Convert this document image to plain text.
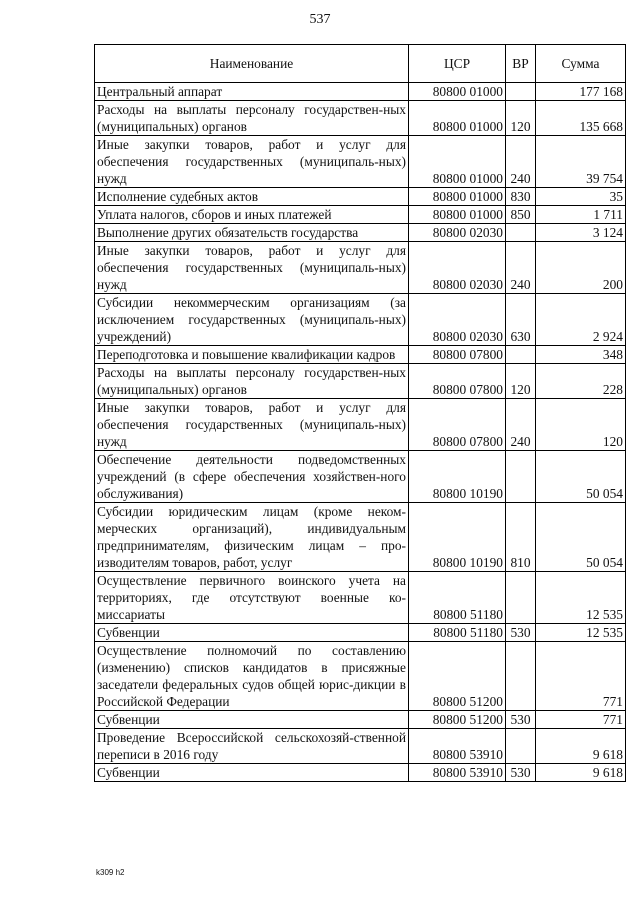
537
Наименование	ЦСР	ВР	Сумма
Центральный аппарат	80800 01000		177 168
Расходы на выплаты персоналу государствен-ных (муниципальных) органов	80800 01000	120	135 668
Иные закупки товаров, работ и услуг для обеспечения государственных (муниципаль-ных) нужд	80800 01000	240	39 754
Исполнение судебных актов	80800 01000	830	35
Уплата налогов, сборов и иных платежей	80800 01000	850	1 711
Выполнение других обязательств государства	80800 02030		3 124
Иные закупки товаров, работ и услуг для обеспечения государственных (муниципаль-ных) нужд	80800 02030	240	200
Субсидии некоммерческим организациям (за исключением государственных (муниципаль-ных) учреждений)	80800 02030	630	2 924
Переподготовка и повышение квалификации кадров	80800 07800		348
Расходы на выплаты персоналу государствен-ных (муниципальных) органов	80800 07800	120	228
Иные закупки товаров, работ и услуг для обеспечения государственных (муниципаль-ных) нужд	80800 07800	240	120
Обеспечение деятельности подведомственных учреждений (в сфере обеспечения хозяйствен-ного обслуживания)	80800 10190		50 054
Субсидии юридическим лицам (кроме неком-мерческих организаций), индивидуальным предпринимателям, физическим лицам – про-изводителям товаров, работ, услуг	80800 10190	810	50 054
Осуществление первичного воинского учета на территориях, где отсутствуют военные ко-миссариаты	80800 51180		12 535
Субвенции	80800 51180	530	12 535
Осуществление полномочий по составлению (изменению) списков кандидатов в присяжные заседатели федеральных судов общей юрис-дикции в Российской Федерации	80800 51200		771
Субвенции	80800 51200	530	771
Проведение Всероссийской сельскохозяй-ственной переписи в 2016 году	80800 53910		9 618
Субвенции	80800 53910	530	9 618
k309 h2
